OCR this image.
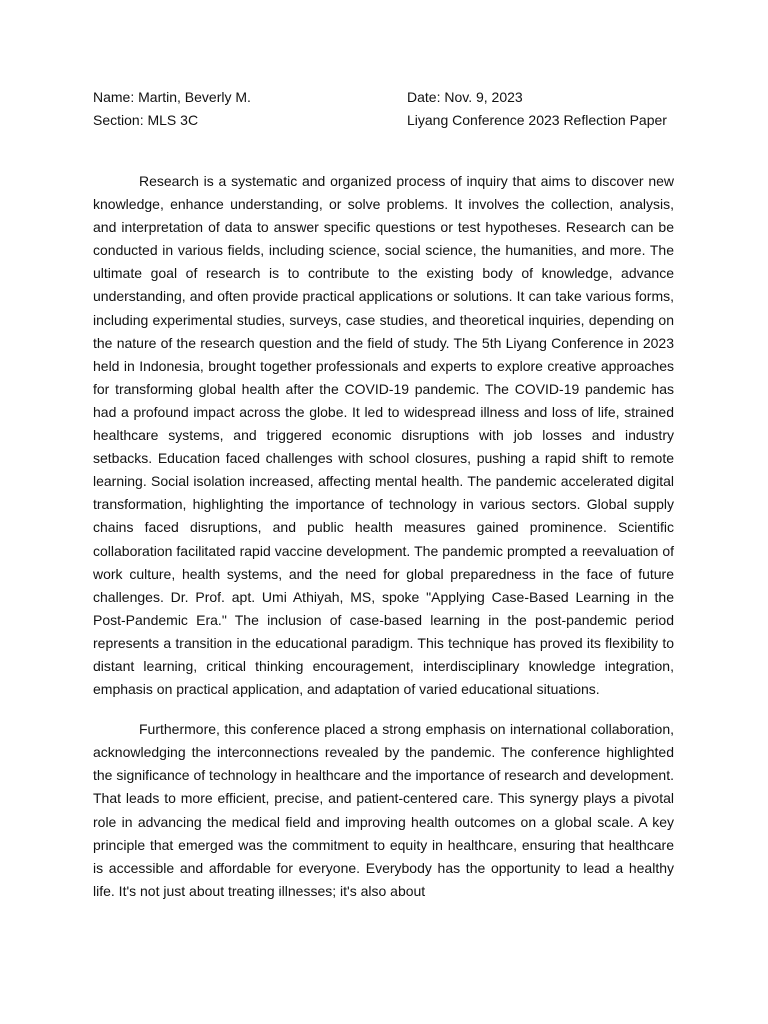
Name: Martin, Beverly M.	Date: Nov. 9, 2023
Section: MLS 3C	Liyang Conference 2023 Reflection Paper

Research is a systematic and organized process of inquiry that aims to discover new knowledge, enhance understanding, or solve problems. It involves the collection, analysis, and interpretation of data to answer specific questions or test hypotheses. Research can be conducted in various fields, including science, social science, the humanities, and more. The ultimate goal of research is to contribute to the existing body of knowledge, advance understanding, and often provide practical applications or solutions. It can take various forms, including experimental studies, surveys, case studies, and theoretical inquiries, depending on the nature of the research question and the field of study. The 5th Liyang Conference in 2023 held in Indonesia, brought together professionals and experts to explore creative approaches for transforming global health after the COVID-19 pandemic. The COVID-19 pandemic has had a profound impact across the globe. It led to widespread illness and loss of life, strained healthcare systems, and triggered economic disruptions with job losses and industry setbacks. Education faced challenges with school closures, pushing a rapid shift to remote learning. Social isolation increased, affecting mental health. The pandemic accelerated digital transformation, highlighting the importance of technology in various sectors. Global supply chains faced disruptions, and public health measures gained prominence. Scientific collaboration facilitated rapid vaccine development. The pandemic prompted a reevaluation of work culture, health systems, and the need for global preparedness in the face of future challenges. Dr. Prof. apt. Umi Athiyah, MS, spoke "Applying Case-Based Learning in the Post-Pandemic Era." The inclusion of case-based learning in the post-pandemic period represents a transition in the educational paradigm. This technique has proved its flexibility to distant learning, critical thinking encouragement, interdisciplinary knowledge integration, emphasis on practical application, and adaptation of varied educational situations.

Furthermore, this conference placed a strong emphasis on international collaboration, acknowledging the interconnections revealed by the pandemic. The conference highlighted the significance of technology in healthcare and the importance of research and development. That leads to more efficient, precise, and patient-centered care. This synergy plays a pivotal role in advancing the medical field and improving health outcomes on a global scale. A key principle that emerged was the commitment to equity in healthcare, ensuring that healthcare is accessible and affordable for everyone. Everybody has the opportunity to lead a healthy life. It's not just about treating illnesses; it's also about
